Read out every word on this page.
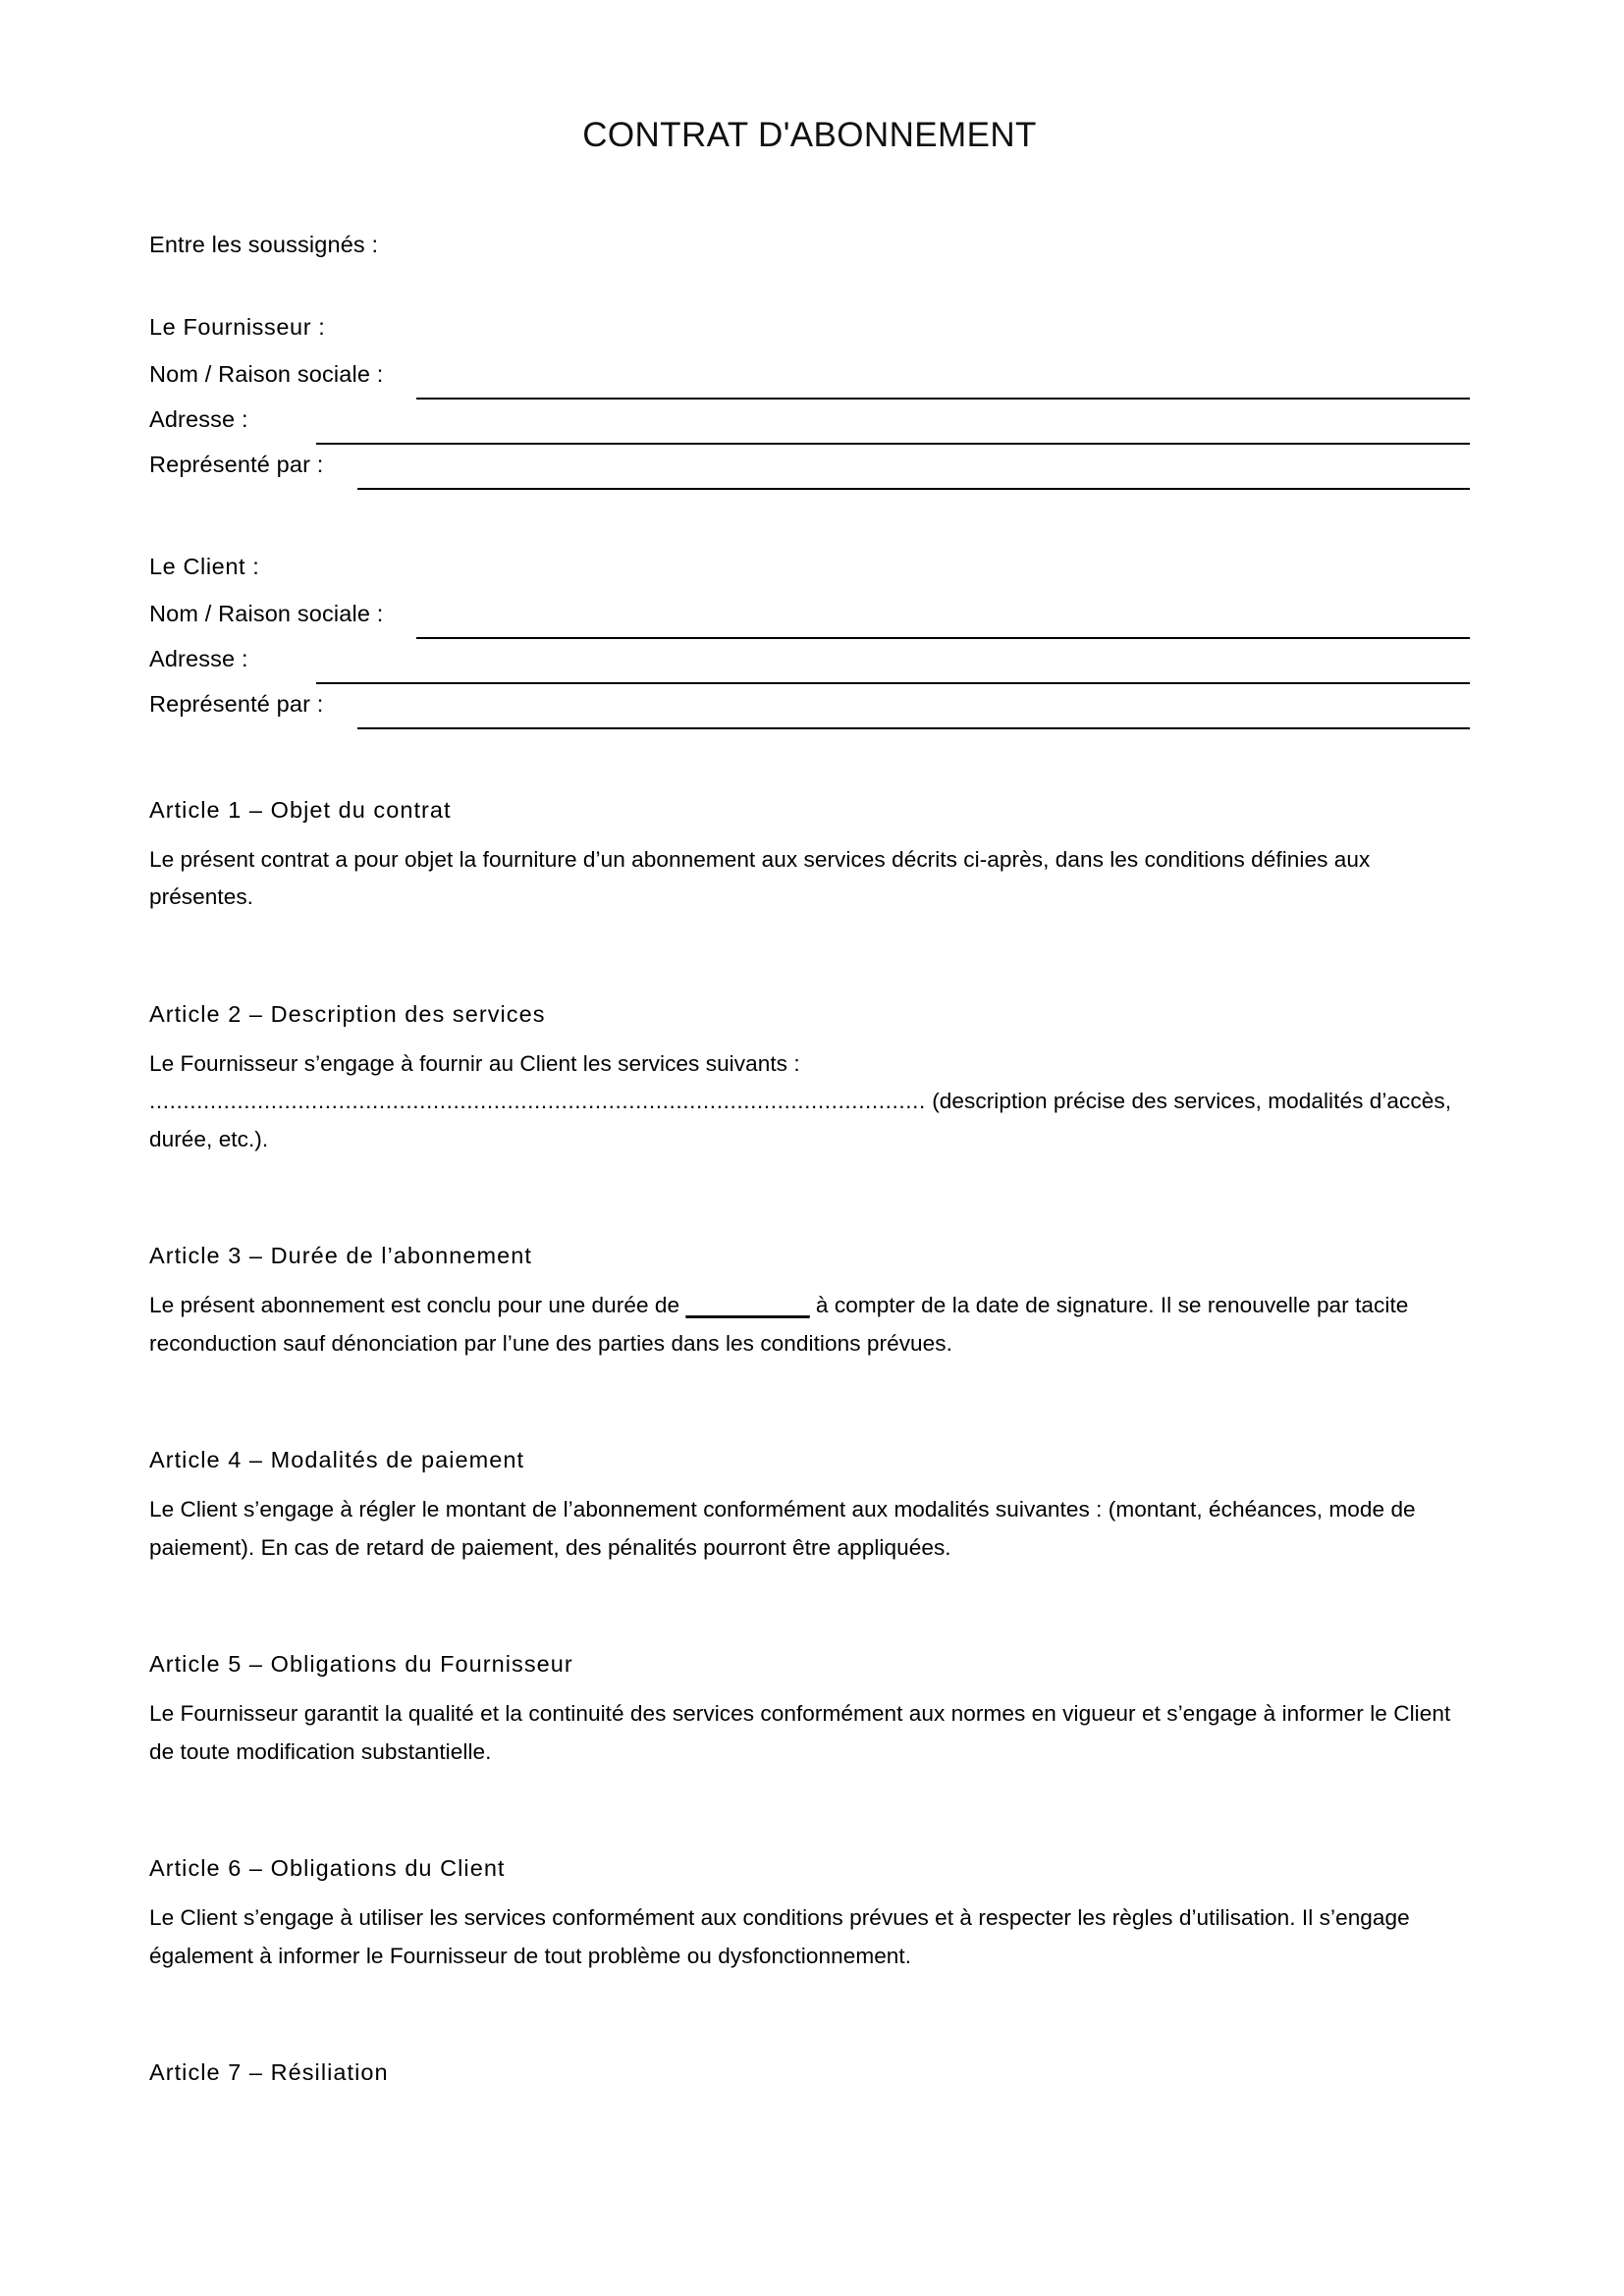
CONTRAT D'ABONNEMENT
Entre les soussignés :
Le Fournisseur :
Nom / Raison sociale :
Adresse :
Représenté par :
Le Client :
Nom / Raison sociale :
Adresse :
Représenté par :
Article 1 – Objet du contrat
Le présent contrat a pour objet la fourniture d’un abonnement aux services décrits ci-après, dans les conditions définies aux présentes.
Article 2 – Description des services
Le Fournisseur s’engage à fournir au Client les services suivants :
................................................................................................................... (description précise des services, modalités d’accès, durée, etc.).
Article 3 – Durée de l’abonnement
Le présent abonnement est conclu pour une durée de __________ à compter de la date de signature. Il se renouvelle par tacite reconduction sauf dénonciation par l’une des parties dans les conditions prévues.
Article 4 – Modalités de paiement
Le Client s’engage à régler le montant de l’abonnement conformément aux modalités suivantes : (montant, échéances, mode de paiement). En cas de retard de paiement, des pénalités pourront être appliquées.
Article 5 – Obligations du Fournisseur
Le Fournisseur garantit la qualité et la continuité des services conformément aux normes en vigueur et s’engage à informer le Client de toute modification substantielle.
Article 6 – Obligations du Client
Le Client s’engage à utiliser les services conformément aux conditions prévues et à respecter les règles d’utilisation. Il s’engage également à informer le Fournisseur de tout problème ou dysfonctionnement.
Article 7 – Résiliation
